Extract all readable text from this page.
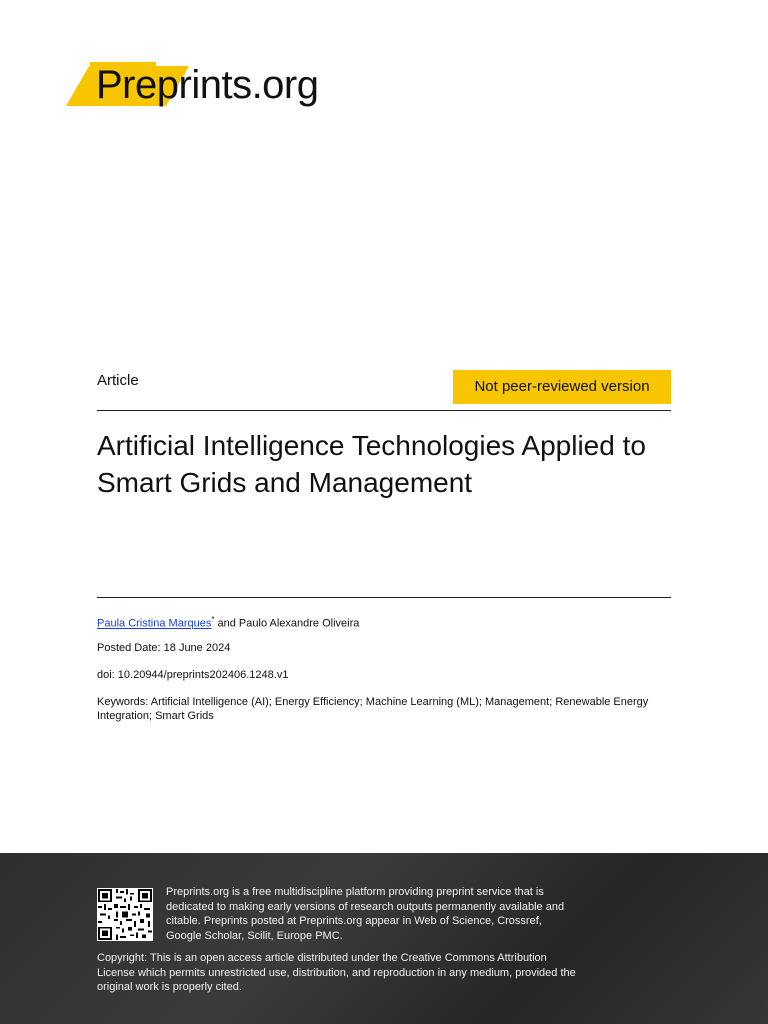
Preprints.org
Article	Not peer-reviewed version
Artificial Intelligence Technologies Applied to Smart Grids and Management
Paula Cristina Marques* and Paulo Alexandre Oliveira
Posted Date: 18 June 2024
doi: 10.20944/preprints202406.1248.v1
Keywords: Artificial Intelligence (AI); Energy Efficiency; Machine Learning (ML); Management; Renewable Energy Integration; Smart Grids
Preprints.org is a free multidiscipline platform providing preprint service that is dedicated to making early versions of research outputs permanently available and citable. Preprints posted at Preprints.org appear in Web of Science, Crossref, Google Scholar, Scilit, Europe PMC.
Copyright: This is an open access article distributed under the Creative Commons Attribution License which permits unrestricted use, distribution, and reproduction in any medium, provided the original work is properly cited.
